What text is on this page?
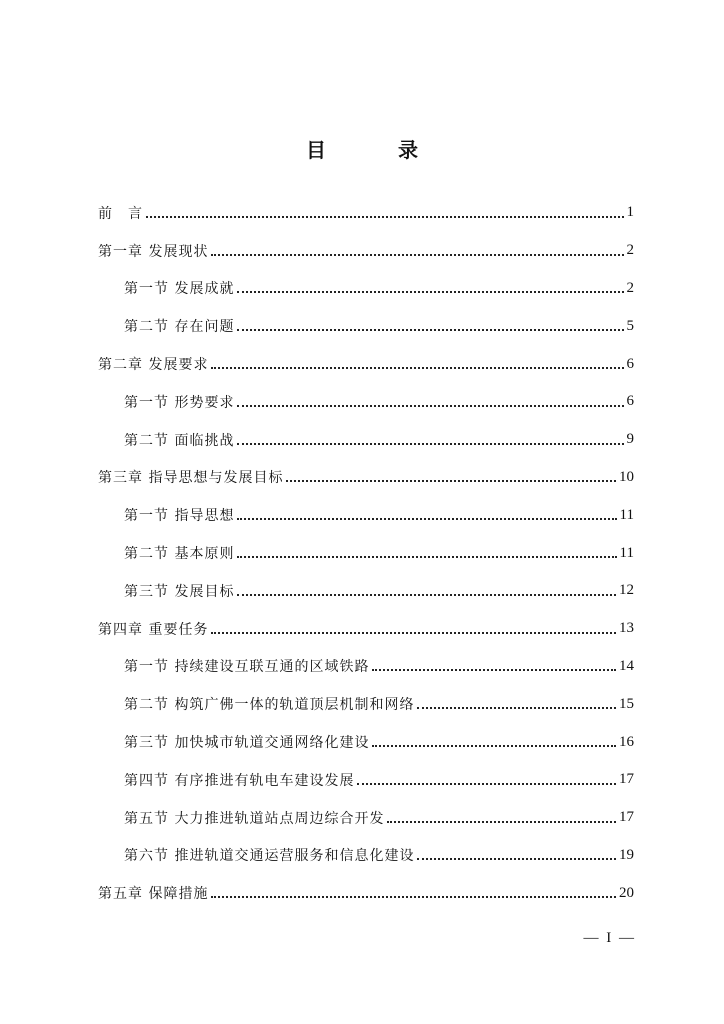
目　录
前　言	1
第一章 发展现状	2
第一节 发展成就	2
第二节 存在问题	5
第二章 发展要求	6
第一节 形势要求	6
第二节 面临挑战	9
第三章 指导思想与发展目标	10
第一节 指导思想	11
第二节 基本原则	11
第三节 发展目标	12
第四章 重要任务	13
第一节 持续建设互联互通的区域铁路	14
第二节 构筑广佛一体的轨道顶层机制和网络	15
第三节 加快城市轨道交通网络化建设	16
第四节 有序推进有轨电车建设发展	17
第五节 大力推进轨道站点周边综合开发	17
第六节 推进轨道交通运营服务和信息化建设	19
第五章 保障措施	20
— I —
